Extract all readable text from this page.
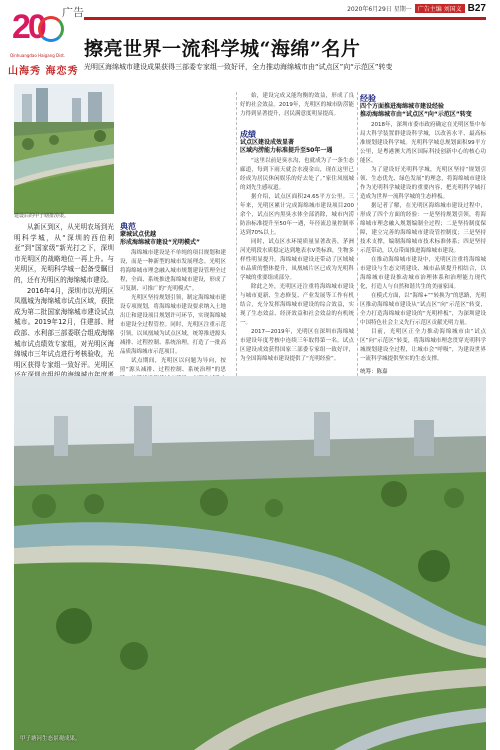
广告	2020年6月29日 星期一	广告主编 刘国义 B27
20
Qinhuangdao Haigang Dist.
山海秀 海恋秀
擦亮世界一流科学城“海绵”名片
光明区海绵城市建设成果获得三部委专家组一致好评，全力推动海绵城市由“试点区”向“示范区”转变
建设后的甲子塘排涝渠。

从新区到区，从光明农场到光明科学城，从“深圳的西伯利亚”到“国家级”新光打之下，深圳市光明区的战略地位一再上升。与光明区，光明科学城一起备受瞩目的，还有光明区的海绵城市建设。

2016年4月，深圳市以光明区凤凰城为海绵城市试点区域，获批成为第二批国家海绵城市建设试点城市。2019年12月，住建部、财政部、水利部三部委联合组成海绵城市试点绩效专家组，对光明区海绵城市三年试点进行考核验收，光明区获得专家组一致好评。光明区

典范
蒙城试点优越
形成海绵城市建设“光明模式”

海绵城市建设是不单纯的项目规划和建设，而是一种新型的城市发展理念。光明区将海绵城市理念融入城市规划建设管理全过程，全面、系统推进海绵城市建设，形成了可复制、可推广的“光明模式”。

光明区坚持规划引领，制定海绵城市建设专项规划，将海绵城市建设要求纳入土地出让和建设项目规划许可环节，实现海绵城市建设全过程管控。同时，光明区注重示范引领，以凤凰城为试点区域，统筹推进源头减排、过程控制、系统治理，打造了一批高品质海绵城市示范项目。

试点期间，光明区以问题为导向，按照“源头减排、过程控制、系统治理”的思

始，建设完成又能均衡的效益，形成了良好的社会效益。2019年，光明区的城市防涝能力得到显著提升，居民满意度明显提高。

成绩
试点区建设成效显著
区域内涝能力标准提升至50年一遇

“这里以前是臭水沟，也就成为了一条生态廊道，每到下雨天就会水漫金山，现在这里已经成为居民休闲娱乐的好去处了。”家住凤凰城的刘先生感叹道。

据介绍，试点区面积24.65平方公里。三年来，光明区累计完成海绵城市建设项目200余个，试点区内黑臭水体全部消除，城市内涝防治标准提升至50年一遇，年径流总量控制率达到70%以上。

同时，试点区水环境质量显著改善，茅洲河光明段水质稳定达到地表水V类标准，生物多样性明显提升。海绵城市建设还带动了区域城市品质的整体提升，凤凰城片区已成为光明科学城的重要组成部分。

除此之外，光明区还注重将海绵城市建设与城市更新、生态修复、产业发展等工作有机结合，充分发挥海绵城市建设的综合效益，实现了生态效益、经济效益和社会效益的有机统一。

2017—2019年，光明区在深圳市海绵城市建设年度考核中连续三年取得第一名。试点区建设成效获得国家三部委专家组一致好评，为全国海绵城市建设提供了“光明经验”。

经验
四个方面推进海绵城市建设经验
推动海绵城市由“试点区”向“示范区”转变

2018年，深圳市委市政府确定在光明区集中布局大科学装置群建设科学城，以改善水平、最高标准规划建设科学城。光明科学城总规划面积99平方公里，是粤港澳大湾区国际科技创新中心的核心功能区。

为了建设好光明科学城，光明区坚持“规划引领、生态优先、绿色发展”的理念，将海绵城市建设作为光明科学城建设的重要内容，把光明科学城打造成为世界一流科学城的生态样板。

据记者了解，在光明区海绵城市建设过程中，形成了四个方面的经验：一是坚持规划引领，将海绵城市理念融入规划编制全过程；二是坚持制度保障，建立完善的海绵城市建设管控制度；三是坚持技术支撑，编制海绵城市技术标准体系；四是坚持示范带动，以点带面推进海绵城市建设。

在推动海绵城市建设中，光明区注重将海绵城市建设与生态文明建设、城市品质提升相结合，以海绵城市建设推动城市治理体系和治理能力现代化，打造人与自然和谐共生的美丽家园。

在模式方面，以“海绵+”“转换为”的思路，光明区推动海绵城市建设从“试点区”向“示范区”转变，全力打造海绵城市建设的“光明样板”，为深圳建设中国特色社会主义先行示范区贡献光明力量。

目前，光明区正全力推动海绵城市由“试点区”向“示范区”转变，将海绵城市理念贯穿光明科学城规划建设全过程，让城市会“呼吸”，为建设世界一流科学城提供坚实的生态支撑。

统筹：陈嘉

甲子塘河生态景观成果。
